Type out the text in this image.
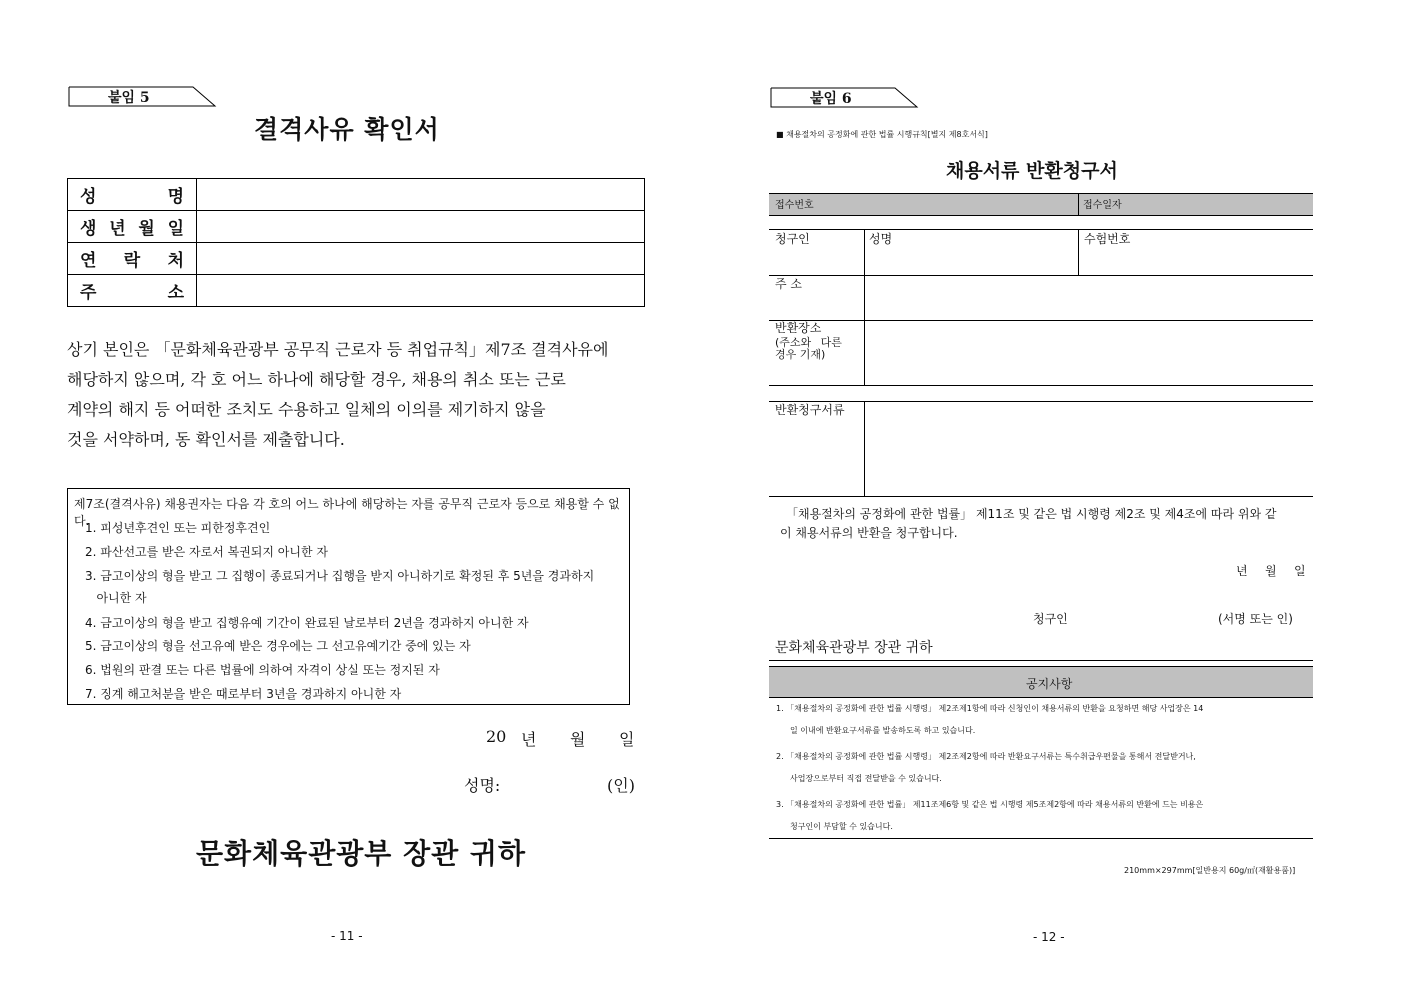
붙임 5
결격사유 확인서
성 명	

생 년 월 일	

연 락 처	

주 소	

상기 본인은 「문화체육관광부 공무직 근로자 등 취업규칙」제7조 결격사유에
해당하지 않으며, 각 호 어느 하나에 해당할 경우, 채용의 취소 또는 근로
계약의 해지 등 어떠한 조치도 수용하고 일체의 이의를 제기하지 않을
것을 서약하며, 동 확인서를 제출합니다.
제7조(결격사유) 채용권자는 다음 각 호의 어느 하나에 해당하는 자를 공무직 근로자 등으로 채용할 수 없다.
1. 피성년후견인 또는 피한정후견인
2. 파산선고를 받은 자로서 복권되지 아니한 자
3. 금고이상의 형을 받고 그 집행이 종료되거나 집행을 받지 아니하기로 확정된 후 5년을 경과하지
아니한 자
4. 금고이상의 형을 받고 집행유예 기간이 완료된 날로부터 2년을 경과하지 아니한 자
5. 금고이상의 형을 선고유예 받은 경우에는 그 선고유예기간 중에 있는 자
6. 법원의 판결 또는 다른 법률에 의하여 자격이 상실 또는 정지된 자
7. 징계 해고처분을 받은 때로부터 3년을 경과하지 아니한 자
20 년 월 일
성명:	(인)
문화체육관광부 장관 귀하
- 11 -
붙임 6
■ 채용절차의 공정화에 관한 법률 시행규칙[별지 제8호서식]
채용서류 반환청구서
접수번호	접수일자
청구인	성명	수험번호
주 소
반환장소
(주소와 다른
경우 기재)
반환청구서류
「채용절차의 공정화에 관한 법률」 제11조 및 같은 법 시행령 제2조 및 제4조에 따라 위와 같
이 채용서류의 반환을 청구합니다.
년 월 일
청구인	(서명 또는 인)
문화체육관광부 장관 귀하
공지사항
1. 「채용절차의 공정화에 관한 법률 시행령」 제2조제1항에 따라 신청인이 채용서류의 반환을 요청하면 해당 사업장은 14
일 이내에 반환요구서류를 발송하도록 하고 있습니다.
2. 「채용절차의 공정화에 관한 법률 시행령」 제2조제2항에 따라 반환요구서류는 특수취급우편물을 통해서 전달받거나,
사업장으로부터 직접 전달받을 수 있습니다.
3. 「채용절차의 공정화에 관한 법률」 제11조제6항 및 같은 법 시행령 제5조제2항에 따라 채용서류의 반환에 드는 비용은
청구인이 부담할 수 있습니다.
210mm×297mm[일반용지 60g/㎡(재활용품)]
- 12 -
